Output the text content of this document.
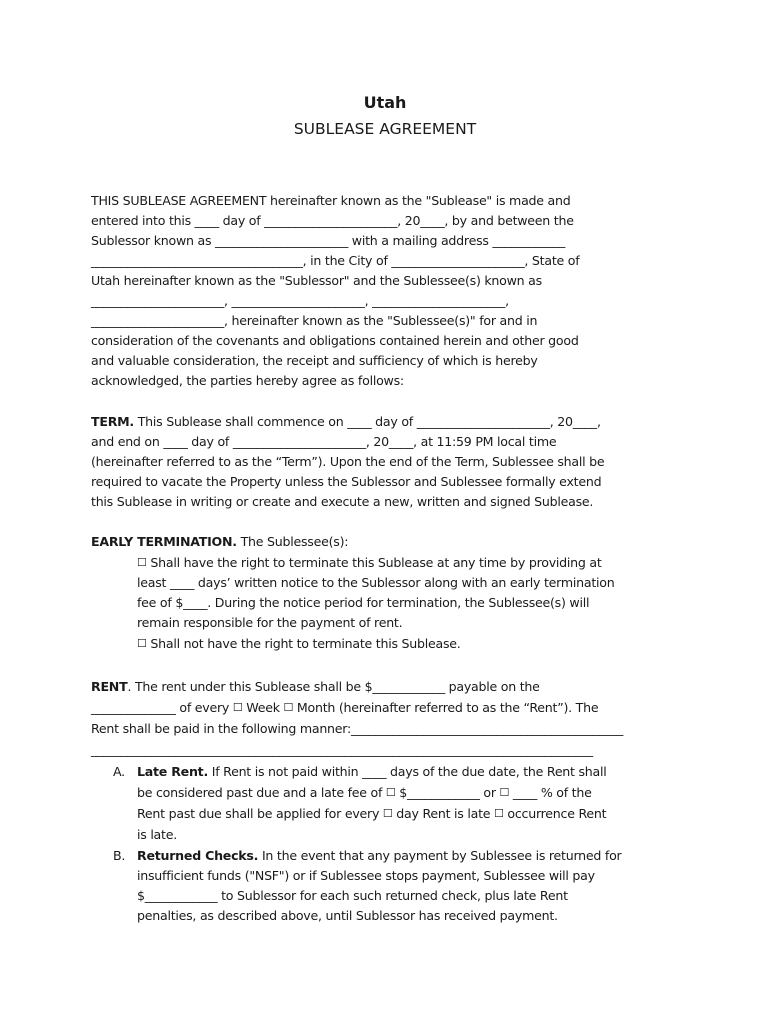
Utah
SUBLEASE AGREEMENT
THIS SUBLEASE AGREEMENT hereinafter known as the "Sublease" is made and
entered into this ____ day of ______________________, 20____, by and between the
Sublessor known as ______________________ with a mailing address ____________
___________________________________, in the City of ______________________, State of
Utah hereinafter known as the "Sublessor" and the Sublessee(s) known as
______________________, ______________________, ______________________,
______________________, hereinafter known as the "Sublessee(s)" for and in
consideration of the covenants and obligations contained herein and other good
and valuable consideration, the receipt and sufficiency of which is hereby
acknowledged, the parties hereby agree as follows:
TERM. This Sublease shall commence on ____ day of ______________________, 20____,
and end on ____ day of ______________________, 20____, at 11:59 PM local time
(hereinafter referred to as the “Term”). Upon the end of the Term, Sublessee shall be
required to vacate the Property unless the Sublessor and Sublessee formally extend
this Sublease in writing or create and execute a new, written and signed Sublease.
EARLY TERMINATION. The Sublessee(s):
☐ Shall have the right to terminate this Sublease at any time by providing at
least ____ days’ written notice to the Sublessor along with an early termination
fee of $____. During the notice period for termination, the Sublessee(s) will
remain responsible for the payment of rent.
☐ Shall not have the right to terminate this Sublease.
RENT. The rent under this Sublease shall be $____________ payable on the
______________ of every ☐ Week ☐ Month (hereinafter referred to as the “Rent”). The
Rent shall be paid in the following manner:_____________________________________________
___________________________________________________________________________________
A. Late Rent. If Rent is not paid within ____ days of the due date, the Rent shall
be considered past due and a late fee of ☐ $____________ or ☐ ____ % of the
Rent past due shall be applied for every ☐ day Rent is late ☐ occurrence Rent
is late.
B. Returned Checks. In the event that any payment by Sublessee is returned for
insufficient funds ("NSF") or if Sublessee stops payment, Sublessee will pay
$____________ to Sublessor for each such returned check, plus late Rent
penalties, as described above, until Sublessor has received payment.
